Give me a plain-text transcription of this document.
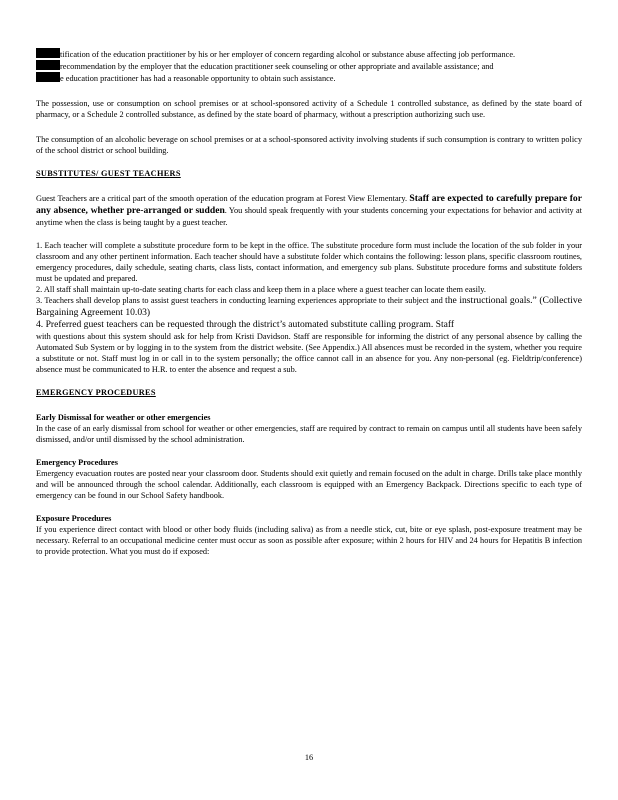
tification of the education practitioner by his or her employer of concern regarding alcohol or substance abuse affecting job performance.

recommendation by the employer that the education practitioner seek counseling or other appropriate and available assistance; and

e education practitioner has had a reasonable opportunity to obtain such assistance.

The possession, use or consumption on school premises or at school-sponsored activity of a Schedule 1 controlled substance, as defined by the state board of pharmacy, or a Schedule 2 controlled substance, as defined by the state board of pharmacy, without a prescription authorizing such use.

The consumption of an alcoholic beverage on school premises or at a school-sponsored activity involving students if such consumption is contrary to written policy of the school district or school building.

SUBSTITUTES/ GUEST TEACHERS

Guest Teachers are a critical part of the smooth operation of the education program at Forest View Elementary. Staff are expected to carefully prepare for any absence, whether pre-arranged or sudden. You should speak frequently with your students concerning your expectations for behavior and activity at anytime when the class is being taught by a guest teacher.

1. Each teacher will complete a substitute procedure form to be kept in the office. The substitute procedure form must include the location of the sub folder in your classroom and any other pertinent information. Each teacher should have a substitute folder which contains the following: lesson plans, specific classroom routines, emergency procedures, daily schedule, seating charts, class lists, contact information, and emergency sub plans. Substitute procedure forms and substitute folders must be updated and prepared.

2. All staff shall maintain up-to-date seating charts for each class and keep them in a place where a guest teacher can locate them easily.

3. Teachers shall develop plans to assist guest teachers in conducting learning experiences appropriate to their subject and the instructional goals.” (Collective Bargaining Agreement 10.03)

4. Preferred guest teachers can be requested through the district’s automated substitute calling program. Staff

with questions about this system should ask for help from Kristi Davidson. Staff are responsible for informing the district of any personal absence by calling the Automated Sub System or by logging in to the system from the district website. (See Appendix.) All absences must be recorded in the system, whether you require a substitute or not. Staff must log in or call in to the system personally; the office cannot call in an absence for you. Any non-personal (eg. Fieldtrip/conference) absence must be communicated to H.R. to enter the absence and request a sub.

EMERGENCY PROCEDURES

Early Dismissal for weather or other emergencies

In the case of an early dismissal from school for weather or other emergencies, staff are required by contract to remain on campus until all students have been safely dismissed, and/or until dismissed by the school administration.

Emergency Procedures

Emergency evacuation routes are posted near your classroom door. Students should exit quietly and remain focused on the adult in charge. Drills take place monthly and will be announced through the school calendar. Additionally, each classroom is equipped with an Emergency Backpack. Directions specific to each type of emergency can be found in our School Safety handbook.

Exposure Procedures

If you experience direct contact with blood or other body fluids (including saliva) as from a needle stick, cut, bite or eye splash, post-exposure treatment may be necessary. Referral to an occupational medicine center must occur as soon as possible after exposure; within 2 hours for HIV and 24 hours for Hepatitis B infection to provide protection. What you must do if exposed:

16
